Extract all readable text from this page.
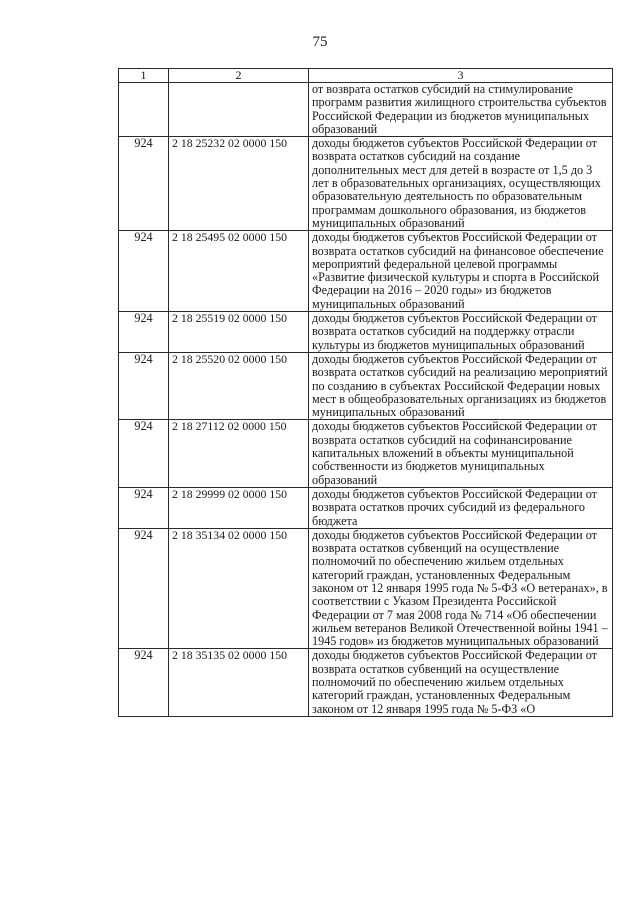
75
1	2	3
		от возврата остатков субсидий на стимулирование программ развития жилищного строительства субъектов Российской Федерации из бюджетов муниципальных образований
924	2 18 25232 02 0000 150	доходы бюджетов субъектов Российской Федерации от возврата остатков субсидий на создание дополнительных мест для детей в возрасте от 1,5 до 3 лет в образовательных организациях, осуществляющих образовательную деятельность по образовательным программам дошкольного образования, из бюджетов муниципальных образований
924	2 18 25495 02 0000 150	доходы бюджетов субъектов Российской Федерации от возврата остатков субсидий на финансовое обеспечение мероприятий федеральной целевой программы «Развитие физической культуры и спорта в Российской Федерации на 2016 – 2020 годы» из бюджетов муниципальных образований
924	2 18 25519 02 0000 150	доходы бюджетов субъектов Российской Федерации от возврата остатков субсидий на поддержку отрасли культуры из бюджетов муниципальных образований
924	2 18 25520 02 0000 150	доходы бюджетов субъектов Российской Федерации от возврата остатков субсидий на реализацию мероприятий по созданию в субъектах Российской Федерации новых мест в общеобразовательных организациях из бюджетов муниципальных образований
924	2 18 27112 02 0000 150	доходы бюджетов субъектов Российской Федерации от возврата остатков субсидий на софинансирование капитальных вложений в объекты муниципальной собственности из бюджетов муниципальных образований
924	2 18 29999 02 0000 150	доходы бюджетов субъектов Российской Федерации от возврата остатков прочих субсидий из федерального бюджета
924	2 18 35134 02 0000 150	доходы бюджетов субъектов Российской Федерации от возврата остатков субвенций на осуществление полномочий по обеспечению жильем отдельных категорий граждан, установленных Федеральным законом от 12 января 1995 года № 5-ФЗ «О ветеранах», в соответствии с Указом Президента Российской Федерации от 7 мая 2008 года № 714 «Об обеспечении жильем ветеранов Великой Отечественной войны 1941 – 1945 годов» из бюджетов муниципальных образований
924	2 18 35135 02 0000 150	доходы бюджетов субъектов Российской Федерации от возврата остатков субвенций на осуществление полномочий по обеспечению жильем отдельных категорий граждан, установленных Федеральным законом от 12 января 1995 года № 5-ФЗ «О
